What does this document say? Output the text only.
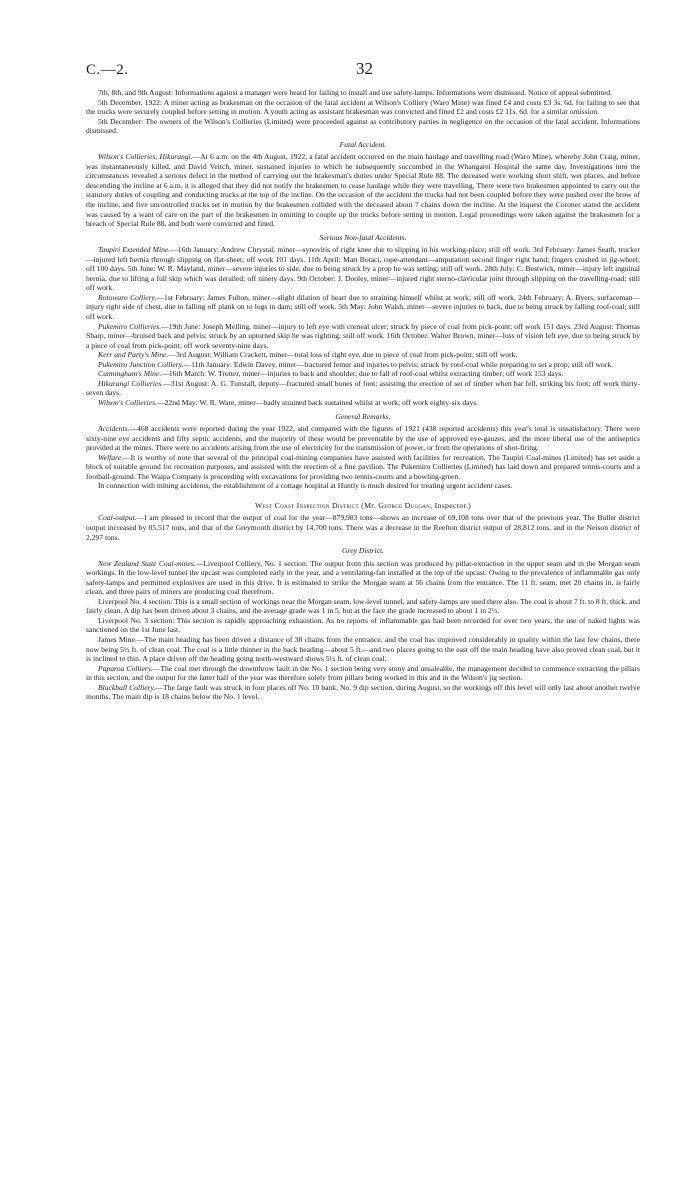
C.—2.	32

7th, 8th, and 9th August: Informations against a manager were heard for failing to install and use safety-lamps. Informations were dismissed. Notice of appeal submitted.

5th December, 1922: A miner acting as brakesman on the occasion of the fatal accident at Wilson's Colliery (Waro Mine) was fined £4 and costs £3 3s. 6d. for failing to see that the trucks were securely coupled before setting in motion. A youth acting as assistant brakesman was convicted and fined £2 and costs £2 11s. 6d. for a similar omission.

5th December: The owners of the Wilson's Collieries (Limited) were proceeded against as contributory parties in negligence on the occasion of the fatal accident. Informations dismissed.

Fatal Accident.

Wilson's Collieries, Hikurangi.—At 6 a.m. on the 4th August, 1922, a fatal accident occurred on the main haulage and travelling road (Waro Mine), whereby John Craig, miner, was instantaneously killed, and David Veitch, miner, sustained injuries to which he subsequently succumbed in the Whangarei Hospital the same day. Investigations into the circumstances revealed a serious defect in the method of carrying out the brakesman's duties under Special Rule 88. The deceased were working short shift, wet places, and before descending the incline at 6 a.m. it is alleged that they did not notify the brakesmen to cease haulage while they were travelling. There were two brakesmen appointed to carry out the statutory duties of coupling and conducting trucks at the top of the incline. On the occasion of the accident the trucks had not been coupled before they were pushed over the brow of the incline, and five uncontrolled trucks set in motion by the brakesmen collided with the deceased about 7 chains down the incline. At the inquest the Coroner stated the accident was caused by a want of care on the part of the brakesmen in omitting to couple up the trucks before setting in motion. Legal proceedings were taken against the brakesmen for a breach of Special Rule 88, and both were convicted and fined.

Serious Non-fatal Accidents.

Taupiri Extended Mine.—16th January: Andrew Chrystal, miner—synovitis of right knee due to slipping in his working-place; still off work. 3rd February: James Seath, trucker—injured left hernia through slipping on flat-sheet; off work 101 days. 11th April: Matt Botaci, rope-attendant—amputation second finger right hand; fingers crushed in jig-wheel; off 100 days. 5th June: W. R. Mayland, miner—severe injuries to side, due to being struck by a prop he was setting; still off work. 28th July: C. Bestwick, miner—injury left inguinal hernia, due to lifting a full skip which was derailed; off ninety days. 9th October: J. Dooley, miner—injured right sterno-clavicular joint through slipping on the travelling-road; still off work.

Rotowaro Colliery.—1st February: James Fulton, miner—slight dilation of heart due to straining himself whilst at work; still off work. 24th February: A. Byers, surfaceman—injury right side of chest, due to falling off plank on to logs in dam; still off work. 5th May: John Walsh, miner—severe injuries to back, due to being struck by falling roof-coal; still off work.

Pukemiro Collieries.—19th June: Joseph Melling, miner—injury to left eye with corneal ulcer; struck by piece of coal from pick-point; off work 151 days. 23rd August: Thomas Sharp, miner—bruised back and pelvis; struck by an upturned skip he was righting; still off work. 16th October: Walter Brown, miner—loss of vision left eye, due to being struck by a piece of coal from pick-point; off work seventy-nine days.

Kerr and Party's Mine.—3rd August: William Crackett, miner—total loss of right eye, due to piece of coal from pick-point; still off work.

Pukemiro Junction Colliery.—11th January: Edwin Davey, miner—fractured femur and injuries to pelvis; struck by roof-coal while preparing to set a prop; still off work.

Cunningham's Mine.—16th March: W. Trotter, miner—injuries to back and shoulder, due to fall of roof-coal whilst extracting timber; off work 153 days.

Hikurangi Collieries.—31st August: A. G. Tunstall, deputy—fractured small bones of foot; assisting the erection of set of timber when bar fell, striking his foot; off work thirty-seven days.

Wilson's Collieries.—22nd May: W. R. Ware, miner—badly strained back sustained whilst at work; off work eighty-six days.

General Remarks.

Accidents.—468 accidents were reported during the year 1922, and compared with the figures of 1921 (438 reported accidents) this year's total is unsatisfactory. There were sixty-nine eye accidents and fifty septic accidents, and the majority of these would be preventable by the use of approved eye-gauzes, and the more liberal use of the antiseptics provided at the mines. There were no accidents arising from the use of electricity for the transmission of power, or from the operations of shot-firing.

Welfare.—It is worthy of note that several of the principal coal-mining companies have assisted with facilities for recreation. The Taupiri Coal-mines (Limited) has set aside a block of suitable ground for recreation purposes, and assisted with the erection of a fine pavilion. The Pukemiro Collieries (Limited) has laid down and prepared tennis-courts and a football-ground. The Waipa Company is proceeding with excavations for providing two tennis-courts and a bowling-green.

In connection with mining accidents, the establishment of a cottage hospital at Huntly is much desired for treating urgent accident cases.

West Coast Inspection District (Mr. George Duggan, Inspector.)

Coal-output.—I am pleased to record that the output of coal for the year—879,983 tons—shows an increase of 69,108 tons over that of the previous year. The Buller district output increased by 85,517 tons, and that of the Greymouth district by 14,700 tons. There was a decrease in the Reefton district output of 28,812 tons, and in the Neison district of 2,297 tons.

Grey District.

New Zealand State Coal-mines.—Liverpool Colliery, No. 1 section: The output from this section was produced by pillar-extraction in the upper seam and in the Morgan seam workings. In the low-level tunnel the upcast was completed early in the year, and a ventilating-fan installed at the top of the upcast. Owing to the prevalence of inflammable gas only safety-lamps and permitted explosives are used in this drive. It is estimated to strike the Morgan seam at 56 chains from the entrance. The 11 ft. seam, met 20 chains in, is fairly clean, and three pairs of miners are producing coal therefrom.

Liverpool No. 4 section: This is a small section of workings near the Morgan seam, low-level tunnel, and safety-lamps are used there also. The coal is about 7 ft. to 8 ft. thick, and fairly clean. A dip has been driven about 3 chains, and the average grade was 1 in 5, but at the face the grade increased to about 1 in 2½.

Liverpool No. 3 section: This section is rapidly approaching exhaustion. As no reports of inflammable gas had been recorded for over two years, the use of naked lights was sanctioned on the 1st June last.

James Mine.—The main heading has been driven a distance of 38 chains from the entrance, and the coal has improved considerably in quality within the last few chains, there now being 5½ ft. of clean coal. The coal is a little thinner in the back heading—about 5 ft.—and two places going to the east off the main heading have also proved clean coal, but it is inclined to thin. A place driven off the heading going north-westward shows 5½ ft. of clean coal.

Paparoa Colliery.—The coal met through the downthrow fault in the No. 1 section being very stony and unsaleable, the management decided to commence extracting the pillars in this section, and the output for the latter half of the year was therefore solely from pillars being worked in this and in the Wilson's jig section.

Blackball Colliery.—The large fault was struck in four places off No. 10 bank, No. 9 dip section, during August, so the workings off this level will only last about another twelve months. The main dip is 18 chains below the No. 1 level.
